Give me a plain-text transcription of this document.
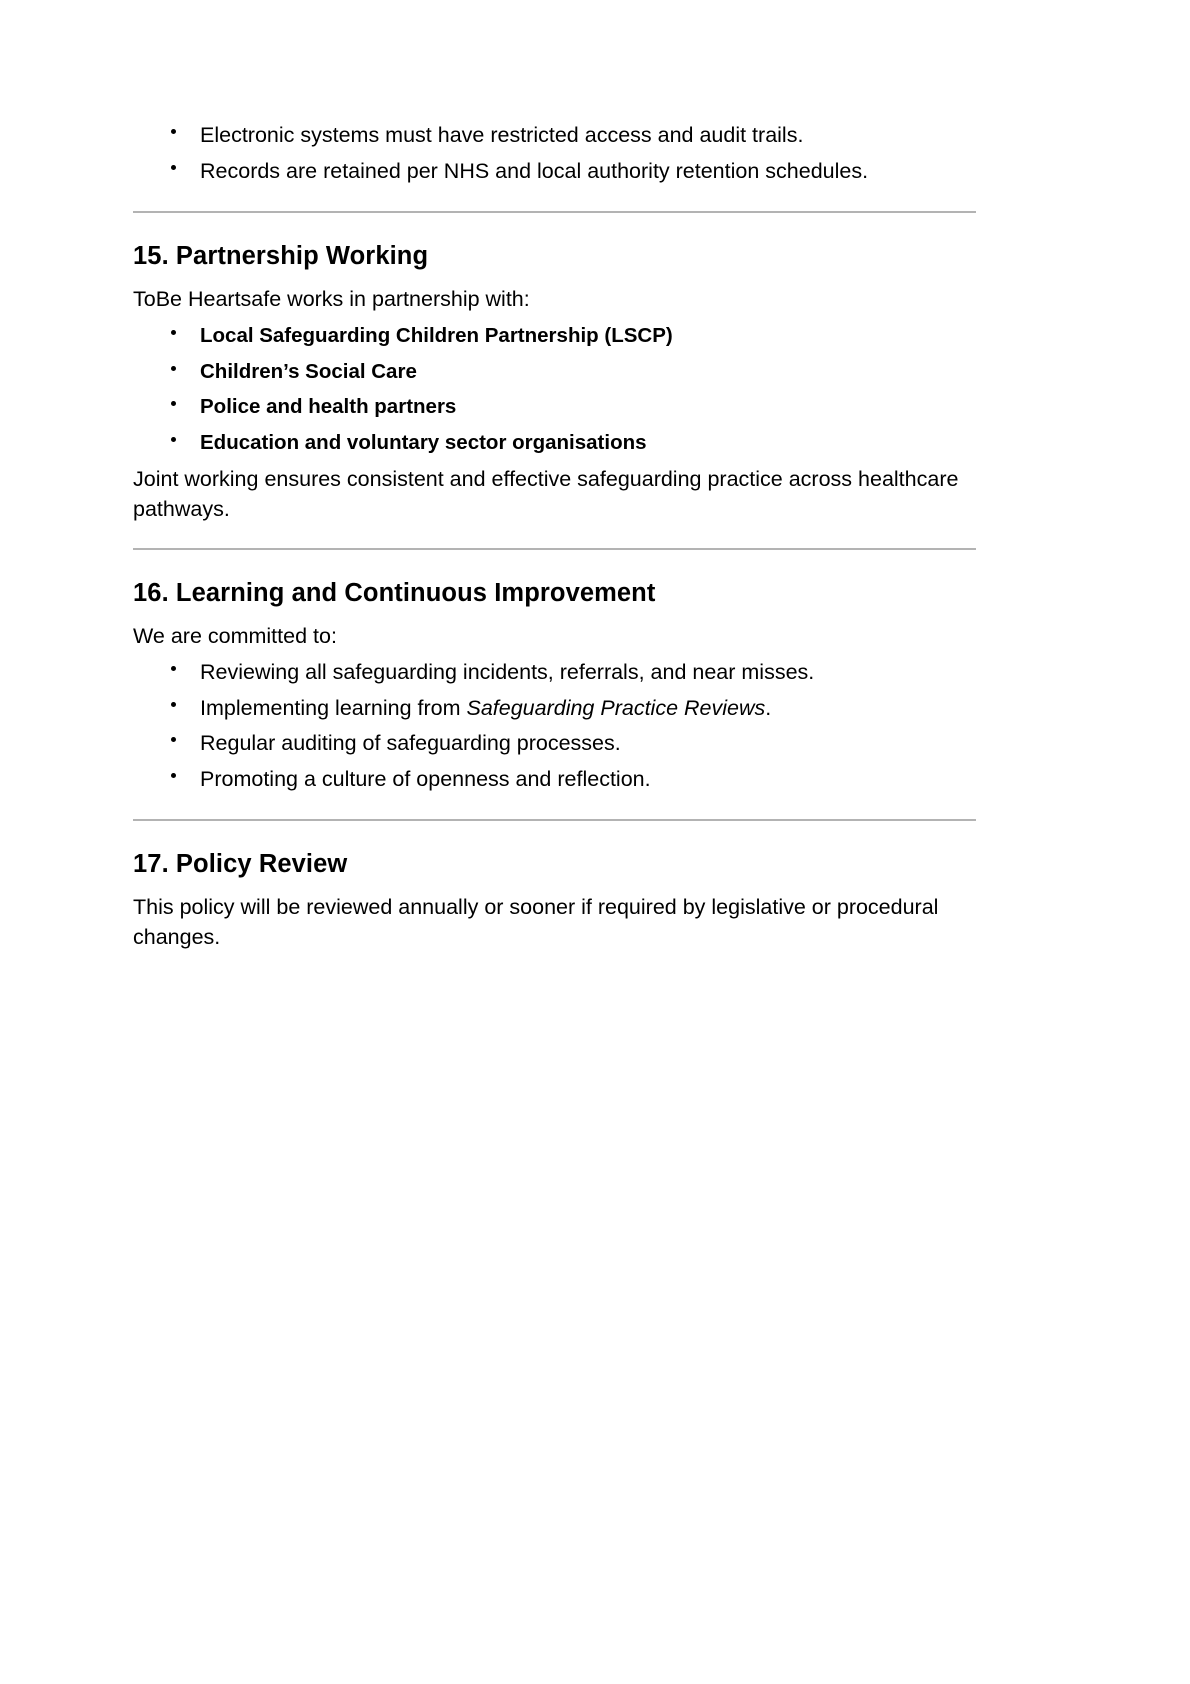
Electronic systems must have restricted access and audit trails.
Records are retained per NHS and local authority retention schedules.
15. Partnership Working

ToBe Heartsafe works in partnership with:

Local Safeguarding Children Partnership (LSCP)
Children’s Social Care
Police and health partners
Education and voluntary sector organisations

Joint working ensures consistent and effective safeguarding practice across healthcare pathways.

16. Learning and Continuous Improvement

We are committed to:

Reviewing all safeguarding incidents, referrals, and near misses.
Implementing learning from Safeguarding Practice Reviews.
Regular auditing of safeguarding processes.
Promoting a culture of openness and reflection.
17. Policy Review

This policy will be reviewed annually or sooner if required by legislative or procedural changes.
